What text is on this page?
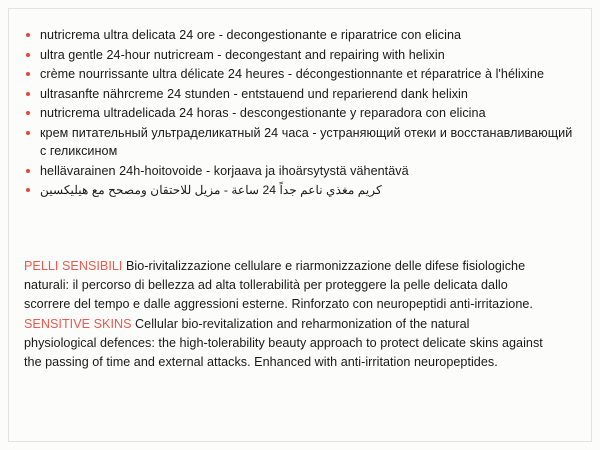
nutricrema ultra delicata 24 ore - decongestionante e riparatrice con elicina
ultra gentle 24-hour nutricream - decongestant and repairing with helixin
crème nourrissante ultra délicate 24 heures - décongestionnante et réparatrice à l'hélixine
ultrasanfte nährcreme 24 stunden - entstauend und reparierend dank helixin
nutricrema ultradelicada 24 horas - descongestionante y reparadora con elicina
крем питательный ультраделикатный 24 часа - устраняющий отеки и восстанавливающий с геликсином
hellävarainen 24h-hoitovoide - korjaava ja ihoärsytystä vähentävä
كريم مغذي ناعم جداً 24 ساعة - مزيل للاحتقان ومصحح مع هيليكسين
PELLI SENSIBILI Bio-rivitalizzazione cellulare e riarmonizzazione delle difese fisiologiche naturali: il percorso di bellezza ad alta tollerabilità per proteggere la pelle delicata dallo scorrere del tempo e dalle aggressioni esterne. Rinforzato con neuropeptidi anti-irritazione.
SENSITIVE SKINS Cellular bio-revitalization and reharmonization of the natural physiological defences: the high-tolerability beauty approach to protect delicate skins against the passing of time and external attacks. Enhanced with anti-irritation neuropeptides.
